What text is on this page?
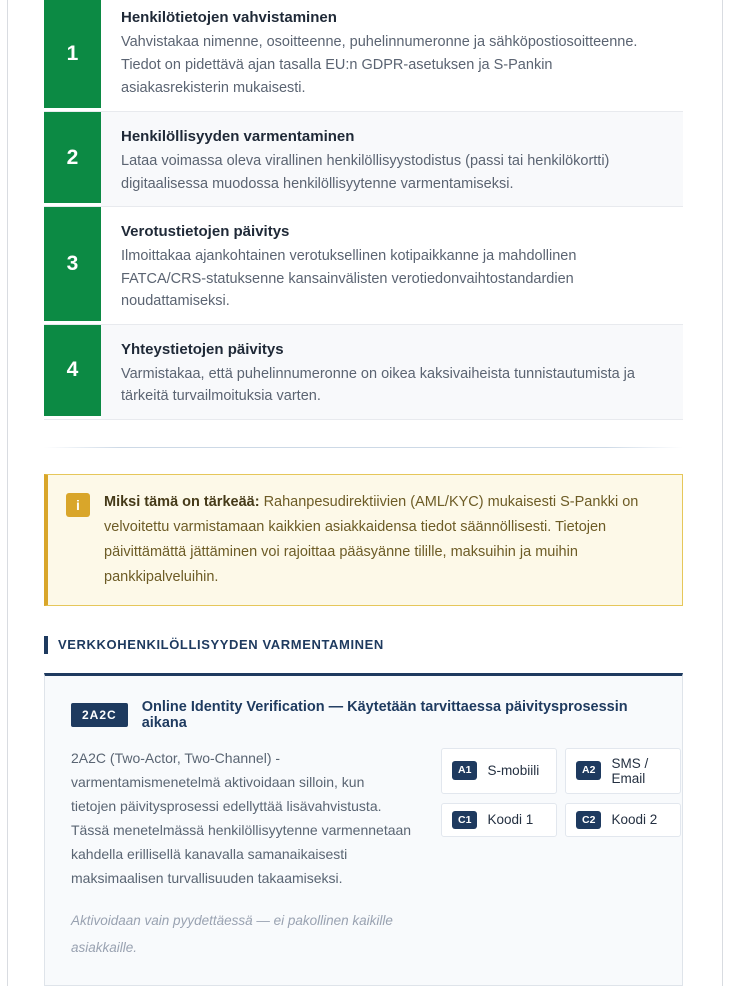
1
Henkilötietojen vahvistaminen
Vahvistakaa nimenne, osoitteenne, puhelinnumeronne ja sähköpostiosoitteenne. Tiedot on pidettävä ajan tasalla EU:n GDPR-asetuksen ja S-Pankin asiakasrekisterin mukaisesti.
2
Henkilöllisyyden varmentaminen
Lataa voimassa oleva virallinen henkilöllisyystodistus (passi tai henkilökortti) digitaalisessa muodossa henkilöllisyytenne varmentamiseksi.
3
Verotustietojen päivitys
Ilmoittakaa ajankohtainen verotuksellinen kotipaikkanne ja mahdollinen FATCA/CRS-statuksenne kansainvälisten verotiedonvaihtostandardien noudattamiseksi.
4
Yhteystietojen päivitys
Varmistakaa, että puhelinnumeronne on oikea kaksivaiheista tunnistautumista ja tärkeitä turvailmoituksia varten.
i	Miksi tämä on tärkeää: Rahanpesudirektiivien (AML/KYC) mukaisesti S-Pankki on velvoitettu varmistamaan kaikkien asiakkaidensa tiedot säännöllisesti. Tietojen päivittämättä jättäminen voi rajoittaa pääsyänne tilille, maksuihin ja muihin pankkipalveluihin.
VERKKOHENKILÖLLISYYDEN VARMENTAMINEN
2A2C	Online Identity Verification — Käytetään tarvittaessa päivitysprosessin aikana
2A2C (Two-Actor, Two-Channel) - varmentamismenetelmä aktivoidaan silloin, kun tietojen päivitysprosessi edellyttää lisävahvistusta. Tässä menetelmässä henkilöllisyytenne varmennetaan kahdella erillisellä kanavalla samanaikaisesti maksimaalisen turvallisuuden takaamiseksi.
A1	S-mobiili	A2	SMS / Email
C1	Koodi 1	C2	Koodi 2
Aktivoidaan vain pyydettäessä — ei pakollinen kaikille asiakkaille.
